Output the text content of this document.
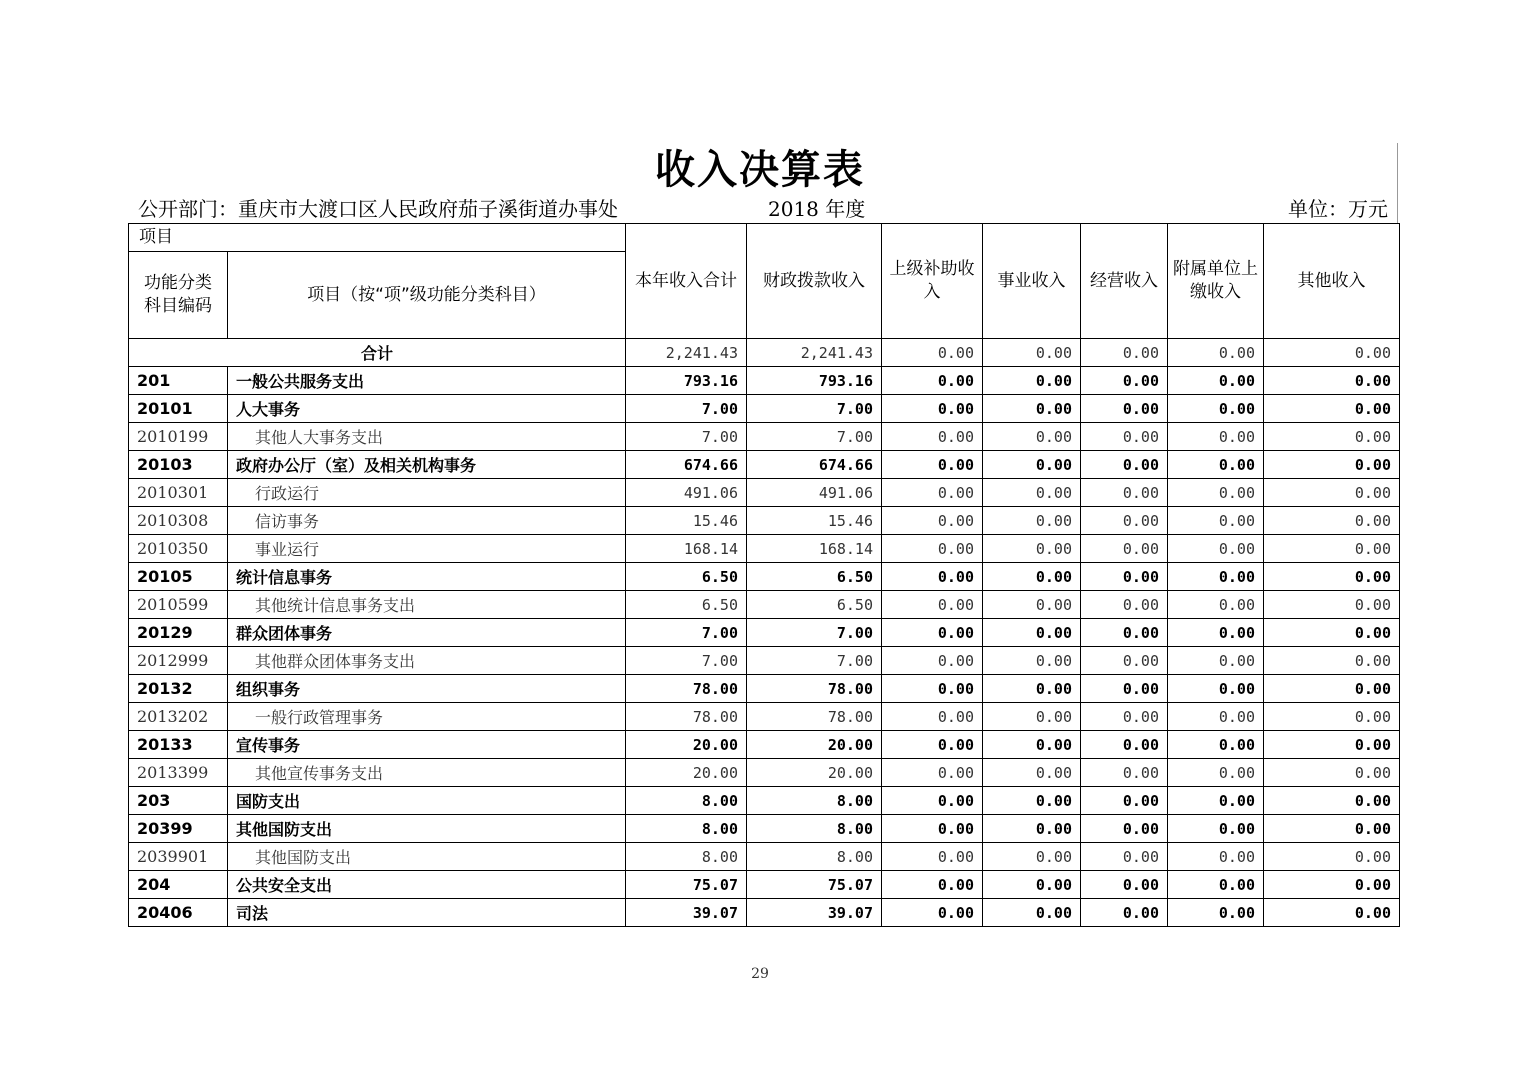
收入决算表
公开部门：重庆市大渡口区人民政府茄子溪街道办事处	2018 年度	单位：万元
项目		本年收入合计	财政拨款收入	上级补助收入	事业收入	经营收入	附属单位上缴收入	其他收入
功能分类科目编码	项目（按“项”级功能分类科目）							
合计		2,241.43	2,241.43	0.00	0.00	0.00	0.00	0.00
201	一般公共服务支出	793.16	793.16	0.00	0.00	0.00	0.00	0.00
20101	人大事务	7.00	7.00	0.00	0.00	0.00	0.00	0.00
2010199	其他人大事务支出	7.00	7.00	0.00	0.00	0.00	0.00	0.00
20103	政府办公厅（室）及相关机构事务	674.66	674.66	0.00	0.00	0.00	0.00	0.00
2010301	行政运行	491.06	491.06	0.00	0.00	0.00	0.00	0.00
2010308	信访事务	15.46	15.46	0.00	0.00	0.00	0.00	0.00
2010350	事业运行	168.14	168.14	0.00	0.00	0.00	0.00	0.00
20105	统计信息事务	6.50	6.50	0.00	0.00	0.00	0.00	0.00
2010599	其他统计信息事务支出	6.50	6.50	0.00	0.00	0.00	0.00	0.00
20129	群众团体事务	7.00	7.00	0.00	0.00	0.00	0.00	0.00
2012999	其他群众团体事务支出	7.00	7.00	0.00	0.00	0.00	0.00	0.00
20132	组织事务	78.00	78.00	0.00	0.00	0.00	0.00	0.00
2013202	一般行政管理事务	78.00	78.00	0.00	0.00	0.00	0.00	0.00
20133	宣传事务	20.00	20.00	0.00	0.00	0.00	0.00	0.00
2013399	其他宣传事务支出	20.00	20.00	0.00	0.00	0.00	0.00	0.00
203	国防支出	8.00	8.00	0.00	0.00	0.00	0.00	0.00
20399	其他国防支出	8.00	8.00	0.00	0.00	0.00	0.00	0.00
2039901	其他国防支出	8.00	8.00	0.00	0.00	0.00	0.00	0.00
204	公共安全支出	75.07	75.07	0.00	0.00	0.00	0.00	0.00
20406	司法	39.07	39.07	0.00	0.00	0.00	0.00	0.00
29
